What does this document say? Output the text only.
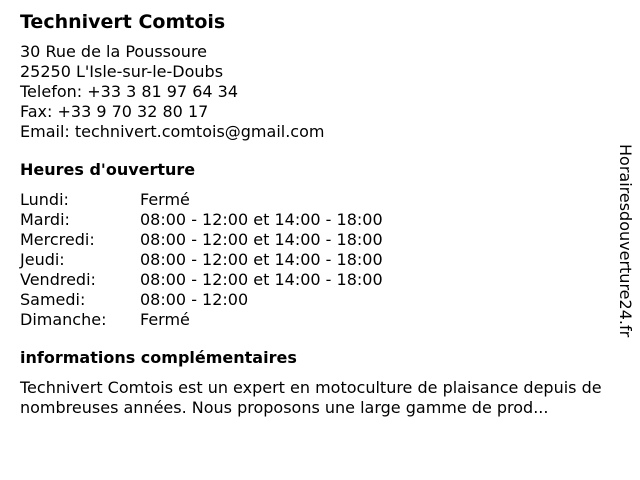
Technivert Comtois
30 Rue de la Poussoure
25250 L'Isle-sur-le-Doubs
Telefon: +33 3 81 97 64 34
Fax: +33 9 70 32 80 17
Email: technivert.comtois@gmail.com
Heures d'ouverture
Lundi:	Fermé
Mardi:	08:00 - 12:00 et 14:00 - 18:00
Mercredi:	08:00 - 12:00 et 14:00 - 18:00
Jeudi:	08:00 - 12:00 et 14:00 - 18:00
Vendredi:	08:00 - 12:00 et 14:00 - 18:00
Samedi:	08:00 - 12:00
Dimanche:	Fermé
informations complémentaires
Technivert Comtois est un expert en motoculture de plaisance depuis de nombreuses années. Nous proposons une large gamme de prod...
Horairesdouverture24.fr
